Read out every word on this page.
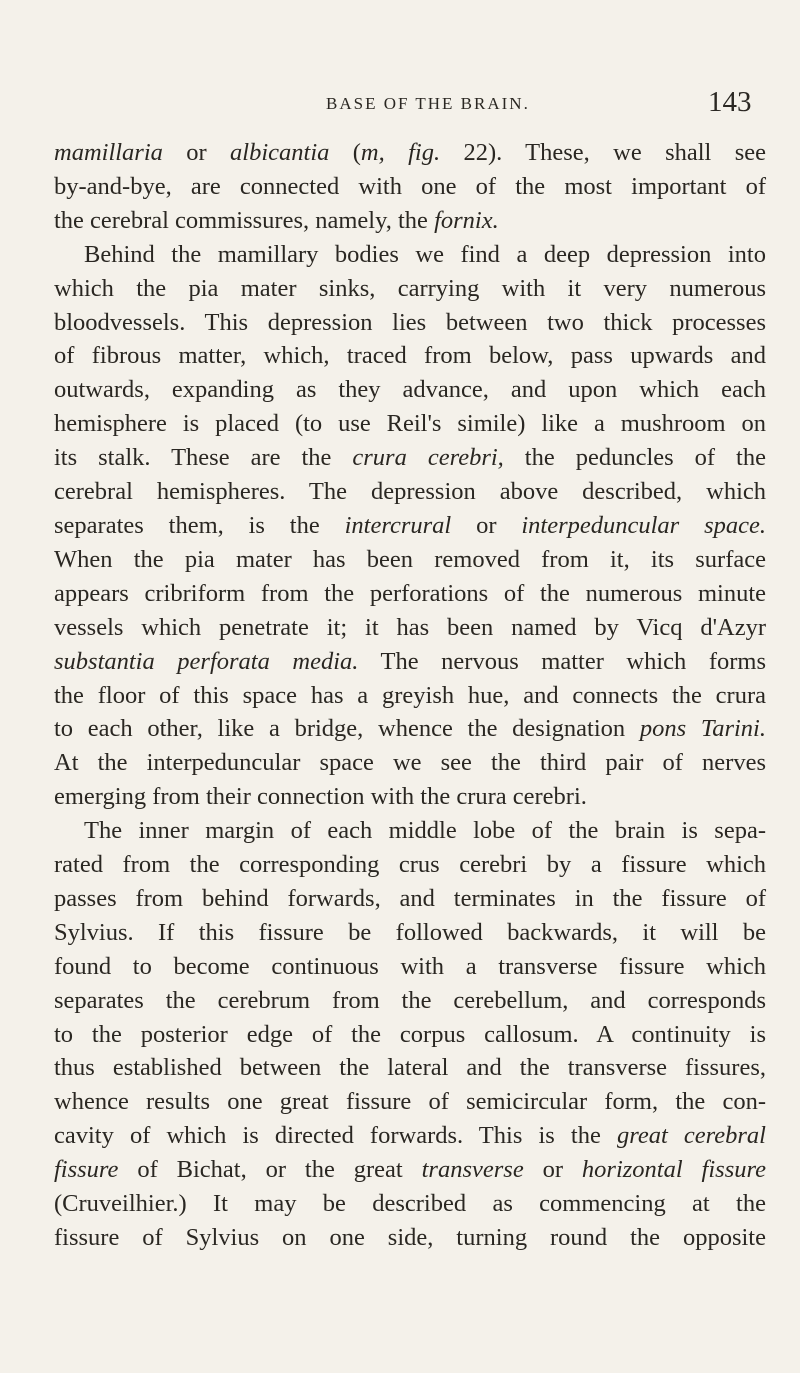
BASE OF THE BRAIN.	143
mamillaria or albicantia (m, fig. 22). These, we shall see
by-and-bye, are connected with one of the most important of
the cerebral commissures, namely, the fornix.
Behind the mamillary bodies we find a deep depression into
which the pia mater sinks, carrying with it very numerous
bloodvessels. This depression lies between two thick processes
of fibrous matter, which, traced from below, pass upwards and
outwards, expanding as they advance, and upon which each
hemisphere is placed (to use Reil's simile) like a mushroom on
its stalk. These are the crura cerebri, the peduncles of the
cerebral hemispheres. The depression above described, which
separates them, is the intercrural or interpeduncular space.
When the pia mater has been removed from it, its surface
appears cribriform from the perforations of the numerous minute
vessels which penetrate it; it has been named by Vicq d'Azyr
substantia perforata media. The nervous matter which forms
the floor of this space has a greyish hue, and connects the crura
to each other, like a bridge, whence the designation pons Tarini.
At the interpeduncular space we see the third pair of nerves
emerging from their connection with the crura cerebri.
The inner margin of each middle lobe of the brain is sepa-
rated from the corresponding crus cerebri by a fissure which
passes from behind forwards, and terminates in the fissure of
Sylvius. If this fissure be followed backwards, it will be
found to become continuous with a transverse fissure which
separates the cerebrum from the cerebellum, and corresponds
to the posterior edge of the corpus callosum. A continuity is
thus established between the lateral and the transverse fissures,
whence results one great fissure of semicircular form, the con-
cavity of which is directed forwards. This is the great cerebral
fissure of Bichat, or the great transverse or horizontal fissure
(Cruveilhier.) It may be described as commencing at the
fissure of Sylvius on one side, turning round the opposite
